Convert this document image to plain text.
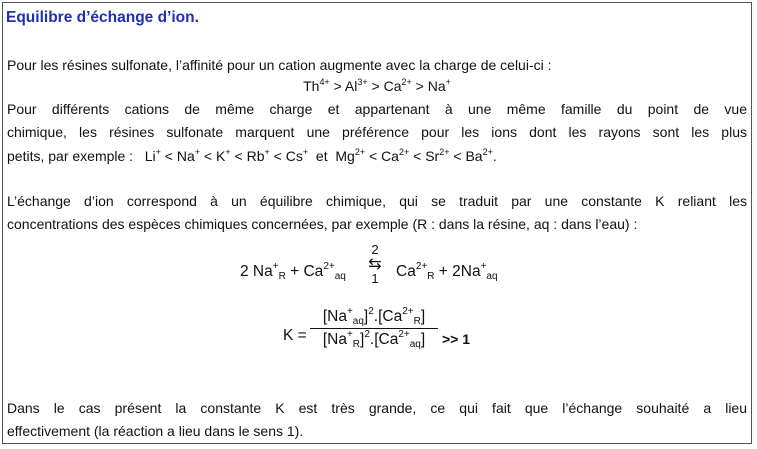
Equilibre d’échange d’ion.
Pour les résines sulfonate, l’affinité pour un cation augmente avec la charge de celui-ci :
$Th^{4+} > Al^{3+} > Ca^{2+} > Na^+$
Pour différents cations de même charge et appartenant à une même famille du point de vue
chimique, les résines sulfonate marquent une préférence pour les ions dont les rayons sont les plus
petits, par exemple : Li+ < Na+ < K+ < Rb+ < Cs+ et $Mg^{2+} < Ca^{2+} < Sr^{2+} < Ba^{2+}$.
L’échange d’ion correspond à un équilibre chimique, qui se traduit par une constante K reliant les
concentrations des espèces chimiques concernées, par exemple (R : dans la résine, aq : dans l’eau) :
2 $Na^+_R + Ca^{2+}_{aq}$
2
⇆
1	$Ca^{2+}_R + 2Na^+_{aq}$
K =
$[Na^+_{aq}]^2.[Ca^{2+}_R]$
$[Na^+_R]^2.[Ca^{2+}_{aq}] >> 1$
Dans le cas présent la constante K est très grande, ce qui fait que l’échange souhaité a lieu
effectivement (la réaction a lieu dans le sens 1).
